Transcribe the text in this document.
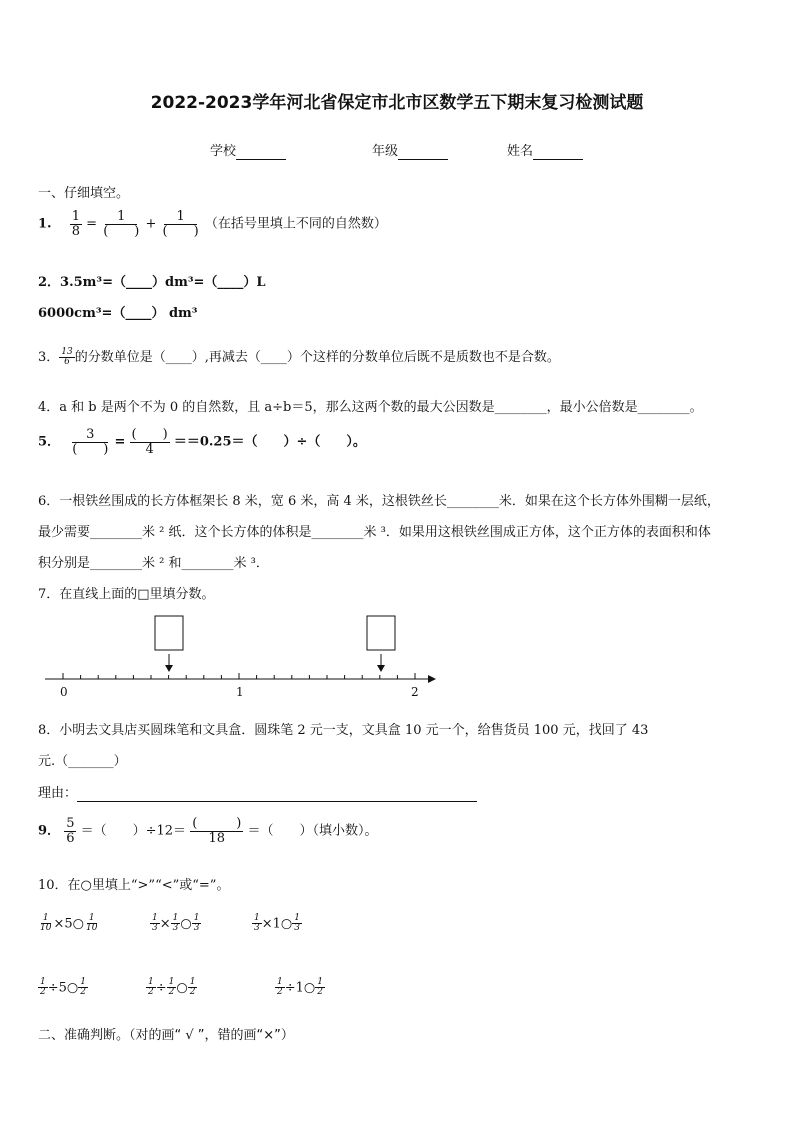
2022-2023学年河北省保定市北市区数学五下期末复习检测试题
学校	年级	姓名
一、仔细填空。
1. $\frac{1}{8} = \frac{1}{( )} + \frac{1}{( )}$ （在括号里填上不同的自然数）
2．3.5m³=（____）dm³=（____）L
6000cm³=（____） dm³
3． $\frac{13}{6}$ 的分数单位是（____）,再减去（____）个这样的分数单位后既不是质数也不是合数。
4．a 和 b 是两个不为 0 的自然数，且 a÷b＝5，那么这两个数的最大公因数是________，最小公倍数是________。
5． $\frac{3}{( )} = \frac{( )}{4} ==0.25=$（　　）÷（　　）。
6．一根铁丝围成的长方体框架长 8 米，宽 6 米，高 4 米，这根铁丝长________米．如果在这个长方体外围糊一层纸，
最少需要________米 ² 纸．这个长方体的体积是________米 ³．如果用这根铁丝围成正方体，这个正方体的表面积和体
积分别是________米 ² 和________米 ³．
7．在直线上面的□里填分数。
0	1	2
8．小明去文具店买圆珠笔和文具盒．圆珠笔 2 元一支，文具盒 10 元一个，给售货员 100 元，找回了 43
元.（_______）
理由：
9． $\frac{5}{6}$ ＝（　　）$\div 12= \frac{( )}{18}$ ＝（　　）（填小数）。
10．在○里填上“>”“<”或“=”。
$\frac{1}{10}$ ×5○ $\frac{1}{10}$	$\frac{1}{3} \times \frac{1}{3}$ ○ $\frac{1}{3}$	$\frac{1}{3}$ ×1○ $\frac{1}{3}$
$\frac{1}{2}$ ÷5○ $\frac{1}{2}$	$\frac{1}{2} \div \frac{1}{2}$ ○ $\frac{1}{2}$	$\frac{1}{2}$ ÷1○ $\frac{1}{2}$
二、准确判断。（对的画“ √ ”，错的画“×”）
